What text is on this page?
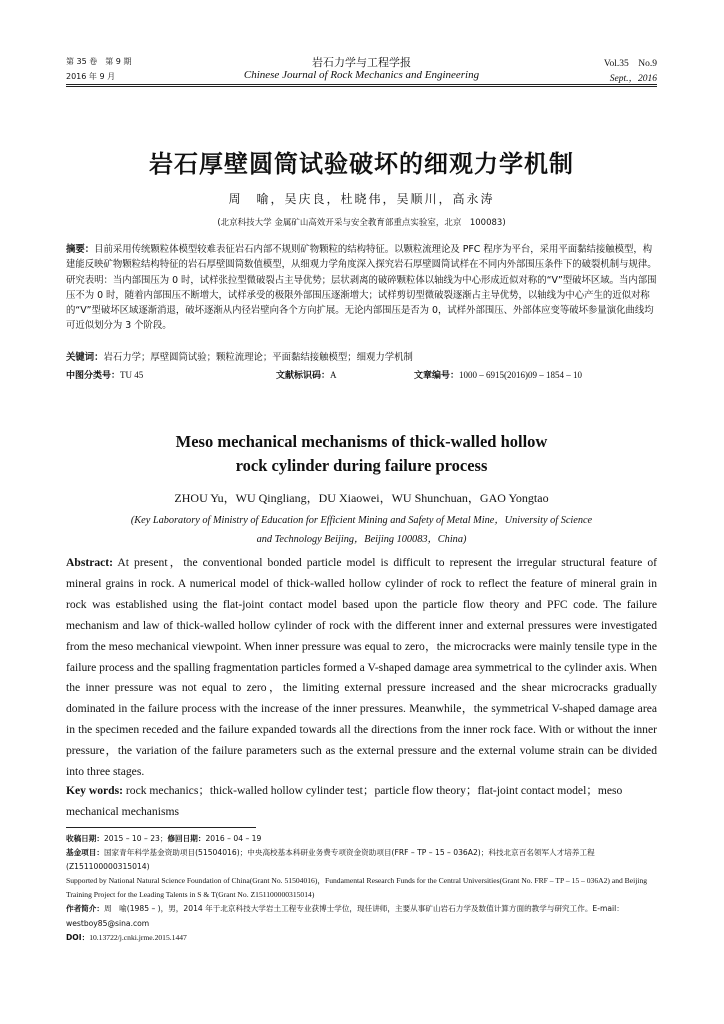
第 35 卷　第 9 期
2016 年 9 月
岩石力学与工程学报
Chinese Journal of Rock Mechanics and Engineering
Vol.35　No.9
Sept.，2016
岩石厚壁圆筒试验破坏的细观力学机制
周　喻，吴庆良，杜晓伟，吴顺川，高永涛
(北京科技大学 金属矿山高效开采与安全教育部重点实验室，北京　100083)
摘要：目前采用传统颗粒体模型较难表征岩石内部不规则矿物颗粒的结构特征。以颗粒流理论及 PFC 程序为平台，采用平面黏结接触模型，构建能反映矿物颗粒结构特征的岩石厚壁圆筒数值模型，从细观力学角度深入探究岩石厚壁圆筒试样在不同内外部围压条件下的破裂机制与规律。研究表明：当内部围压为 0 时，试样张拉型微破裂占主导优势；层状剥离的破碎颗粒体以轴线为中心形成近似对称的“V”型破坏区域。当内部围压不为 0 时，随着内部围压不断增大，试样承受的极限外部围压逐渐增大；试样剪切型微破裂逐渐占主导优势，以轴线为中心产生的近似对称的“V”型破坏区域逐渐消退，破坏逐渐从内径岩壁向各个方向扩展。无论内部围压是否为 0，试样外部围压、外部体应变等破坏参量演化曲线均可近似划分为 3 个阶段。
关键词：岩石力学；厚壁圆筒试验；颗粒流理论；平面黏结接触模型；细观力学机制
中图分类号：TU 45	文献标识码：A	文章编号：1000 – 6915(2016)09 – 1854 – 10
Meso mechanical mechanisms of thick-walled hollow
rock cylinder during failure process
ZHOU Yu，WU Qingliang，DU Xiaowei，WU Shunchuan，GAO Yongtao
(Key Laboratory of Ministry of Education for Efficient Mining and Safety of Metal Mine，University of Science
and Technology Beijing，Beijing 100083，China)
Abstract: At present，the conventional bonded particle model is difficult to represent the irregular structural feature of mineral grains in rock. A numerical model of thick-walled hollow cylinder of rock to reflect the feature of mineral grain in rock was established using the flat-joint contact model based upon the particle flow theory and PFC code. The failure mechanism and law of thick-walled hollow cylinder of rock with the different inner and external pressures were investigated from the meso mechanical viewpoint. When inner pressure was equal to zero，the microcracks were mainly tensile type in the failure process and the spalling fragmentation particles formed a V-shaped damage area symmetrical to the cylinder axis. When the inner pressure was not equal to zero，the limiting external pressure increased and the shear microcracks gradually dominated in the failure process with the increase of the inner pressures. Meanwhile，the symmetrical V-shaped damage area in the specimen receded and the failure expanded towards all the directions from the inner rock face. With or without the inner pressure，the variation of the failure parameters such as the external pressure and the external volume strain can be divided into three stages.
Key words: rock mechanics；thick-walled hollow cylinder test；particle flow theory；flat-joint contact model；meso mechanical mechanisms

收稿日期：2015 – 10 – 23；修回日期：2016 – 04 – 19

基金项目：国家青年科学基金资助项目(51504016)；中央高校基本科研业务费专项资金资助项目(FRF – TP – 15 – 036A2)；科技北京百名领军人才培养工程(Z151100000315014)

Supported by National Natural Science Foundation of China(Grant No. 51504016)，Fundamental Research Funds for the Central Universities(Grant No. FRF – TP – 15 – 036A2) and Beijing Training Project for the Leading Talents in S & T(Grant No. Z151100000315014)

作者简介：周　喻(1985 – )，男，2014 年于北京科技大学岩土工程专业获博士学位，现任讲师，主要从事矿山岩石力学及数值计算方面的教学与研究工作。E-mail：westboy85@sina.com

DOI：10.13722/j.cnki.jrme.2015.1447
